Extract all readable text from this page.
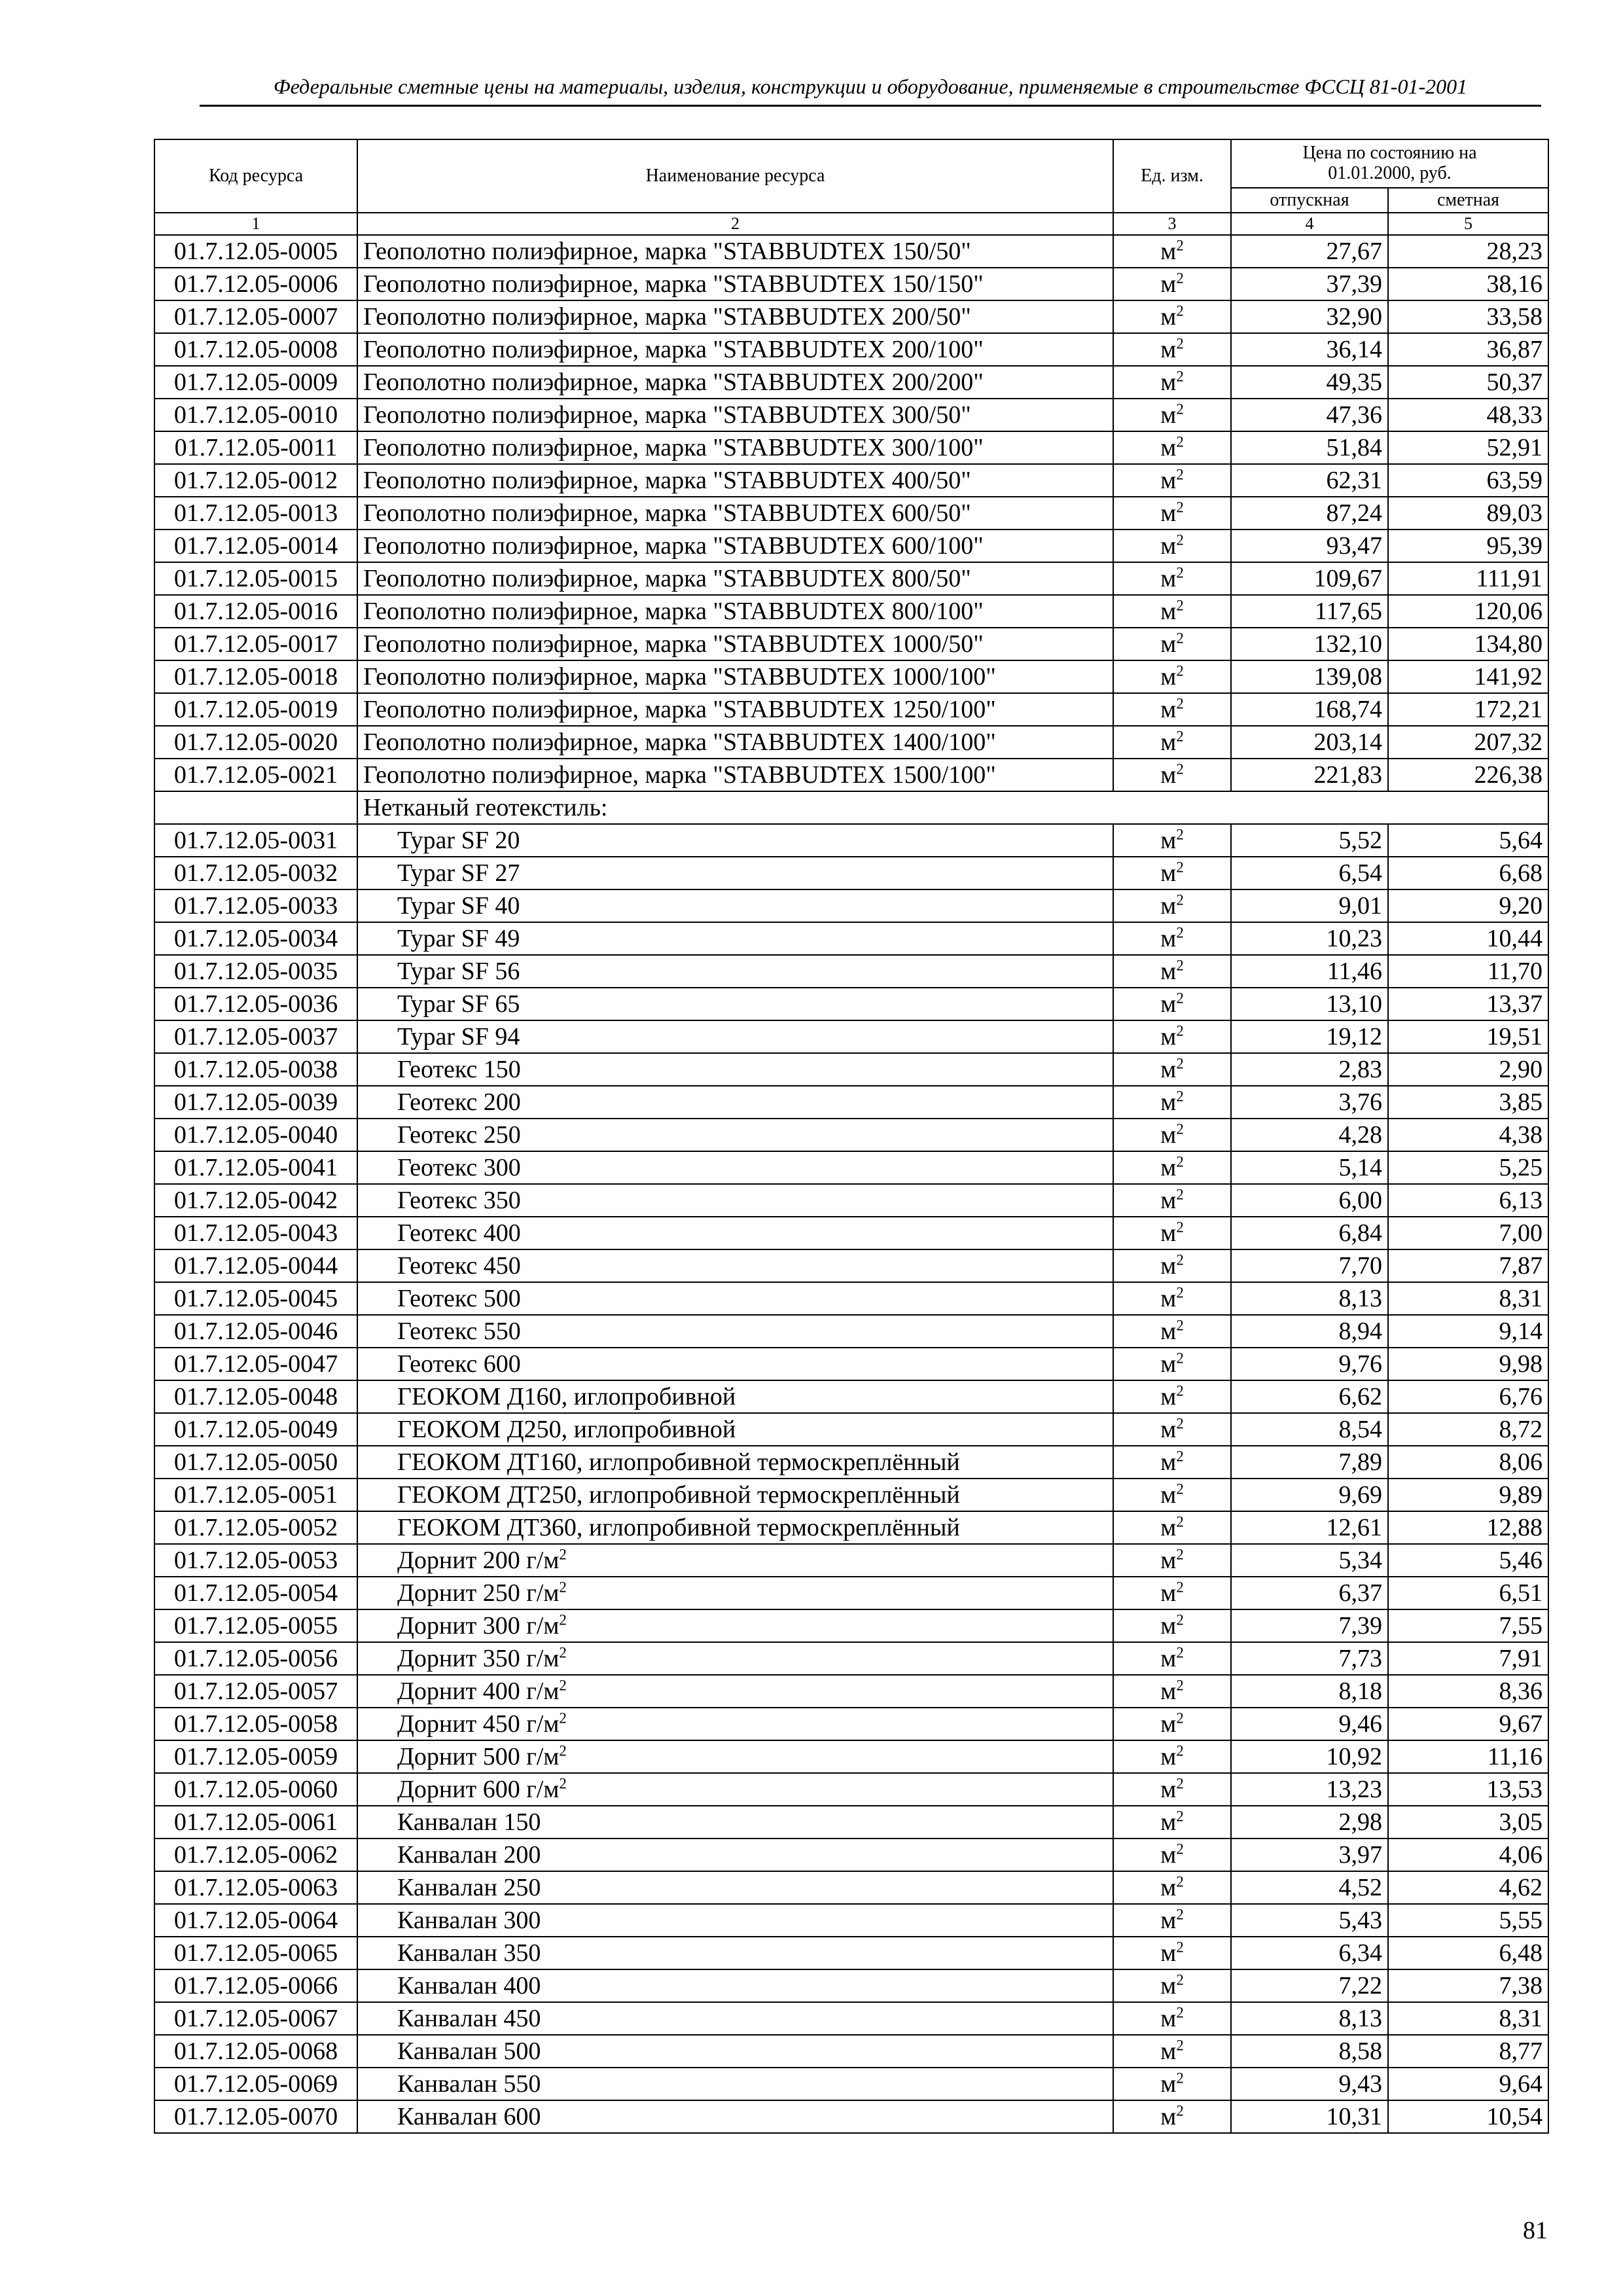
Федеральные сметные цены на материалы, изделия, конструкции и оборудование, применяемые в строительстве ФССЦ 81-01-2001
Код ресурса	Наименование ресурса	Ед. изм.	Цена по состоянию на 01.01.2000, руб.	
			отпускная	сметная
1	2	3	4	5
01.7.12.05-0005	Геополотно полиэфирное, марка "STABBUDTEX 150/50"	$м^2$	27,67	28,23
01.7.12.05-0006	Геополотно полиэфирное, марка "STABBUDTEX 150/150"	$м^2$	37,39	38,16
01.7.12.05-0007	Геополотно полиэфирное, марка "STABBUDTEX 200/50"	$м^2$	32,90	33,58
01.7.12.05-0008	Геополотно полиэфирное, марка "STABBUDTEX 200/100"	$м^2$	36,14	36,87
01.7.12.05-0009	Геополотно полиэфирное, марка "STABBUDTEX 200/200"	$м^2$	49,35	50,37
01.7.12.05-0010	Геополотно полиэфирное, марка "STABBUDTEX 300/50"	$м^2$	47,36	48,33
01.7.12.05-0011	Геополотно полиэфирное, марка "STABBUDTEX 300/100"	$м^2$	51,84	52,91
01.7.12.05-0012	Геополотно полиэфирное, марка "STABBUDTEX 400/50"	$м^2$	62,31	63,59
01.7.12.05-0013	Геополотно полиэфирное, марка "STABBUDTEX 600/50"	$м^2$	87,24	89,03
01.7.12.05-0014	Геополотно полиэфирное, марка "STABBUDTEX 600/100"	$м^2$	93,47	95,39
01.7.12.05-0015	Геополотно полиэфирное, марка "STABBUDTEX 800/50"	$м^2$	109,67	111,91
01.7.12.05-0016	Геополотно полиэфирное, марка "STABBUDTEX 800/100"	$м^2$	117,65	120,06
01.7.12.05-0017	Геополотно полиэфирное, марка "STABBUDTEX 1000/50"	$м^2$	132,10	134,80
01.7.12.05-0018	Геополотно полиэфирное, марка "STABBUDTEX 1000/100"	$м^2$	139,08	141,92
01.7.12.05-0019	Геополотно полиэфирное, марка "STABBUDTEX 1250/100"	$м^2$	168,74	172,21
01.7.12.05-0020	Геополотно полиэфирное, марка "STABBUDTEX 1400/100"	$м^2$	203,14	207,32
01.7.12.05-0021	Геополотно полиэфирное, марка "STABBUDTEX 1500/100"	$м^2$	221,83	226,38
	Нетканый геотекстиль:			
01.7.12.05-0031	Typar SF 20	$м^2$	5,52	5,64
01.7.12.05-0032	Typar SF 27	$м^2$	6,54	6,68
01.7.12.05-0033	Typar SF 40	$м^2$	9,01	9,20
01.7.12.05-0034	Typar SF 49	$м^2$	10,23	10,44
01.7.12.05-0035	Typar SF 56	$м^2$	11,46	11,70
01.7.12.05-0036	Typar SF 65	$м^2$	13,10	13,37
01.7.12.05-0037	Typar SF 94	$м^2$	19,12	19,51
01.7.12.05-0038	Геотекс 150	$м^2$	2,83	2,90
01.7.12.05-0039	Геотекс 200	$м^2$	3,76	3,85
01.7.12.05-0040	Геотекс 250	$м^2$	4,28	4,38
01.7.12.05-0041	Геотекс 300	$м^2$	5,14	5,25
01.7.12.05-0042	Геотекс 350	$м^2$	6,00	6,13
01.7.12.05-0043	Геотекс 400	$м^2$	6,84	7,00
01.7.12.05-0044	Геотекс 450	$м^2$	7,70	7,87
01.7.12.05-0045	Геотекс 500	$м^2$	8,13	8,31
01.7.12.05-0046	Геотекс 550	$м^2$	8,94	9,14
01.7.12.05-0047	Геотекс 600	$м^2$	9,76	9,98
01.7.12.05-0048	ГЕОКОМ Д160, иглопробивной	$м^2$	6,62	6,76
01.7.12.05-0049	ГЕОКОМ Д250, иглопробивной	$м^2$	8,54	8,72
01.7.12.05-0050	ГЕОКОМ ДТ160, иглопробивной термоскреплённый	$м^2$	7,89	8,06
01.7.12.05-0051	ГЕОКОМ ДТ250, иглопробивной термоскреплённый	$м^2$	9,69	9,89
01.7.12.05-0052	ГЕОКОМ ДТ360, иглопробивной термоскреплённый	$м^2$	12,61	12,88
01.7.12.05-0053	Дорнит 200 $г/м^2$	$м^2$	5,34	5,46
01.7.12.05-0054	Дорнит 250 $г/м^2$	$м^2$	6,37	6,51
01.7.12.05-0055	Дорнит 300 $г/м^2$	$м^2$	7,39	7,55
01.7.12.05-0056	Дорнит 350 $г/м^2$	$м^2$	7,73	7,91
01.7.12.05-0057	Дорнит 400 $г/м^2$	$м^2$	8,18	8,36
01.7.12.05-0058	Дорнит 450 $г/м^2$	$м^2$	9,46	9,67
01.7.12.05-0059	Дорнит 500 $г/м^2$	$м^2$	10,92	11,16
01.7.12.05-0060	Дорнит 600 $г/м^2$	$м^2$	13,23	13,53
01.7.12.05-0061	Канвалан 150	$м^2$	2,98	3,05
01.7.12.05-0062	Канвалан 200	$м^2$	3,97	4,06
01.7.12.05-0063	Канвалан 250	$м^2$	4,52	4,62
01.7.12.05-0064	Канвалан 300	$м^2$	5,43	5,55
01.7.12.05-0065	Канвалан 350	$м^2$	6,34	6,48
01.7.12.05-0066	Канвалан 400	$м^2$	7,22	7,38
01.7.12.05-0067	Канвалан 450	$м^2$	8,13	8,31
01.7.12.05-0068	Канвалан 500	$м^2$	8,58	8,77
01.7.12.05-0069	Канвалан 550	$м^2$	9,43	9,64
01.7.12.05-0070	Канвалан 600	$м^2$	10,31	10,54
81
